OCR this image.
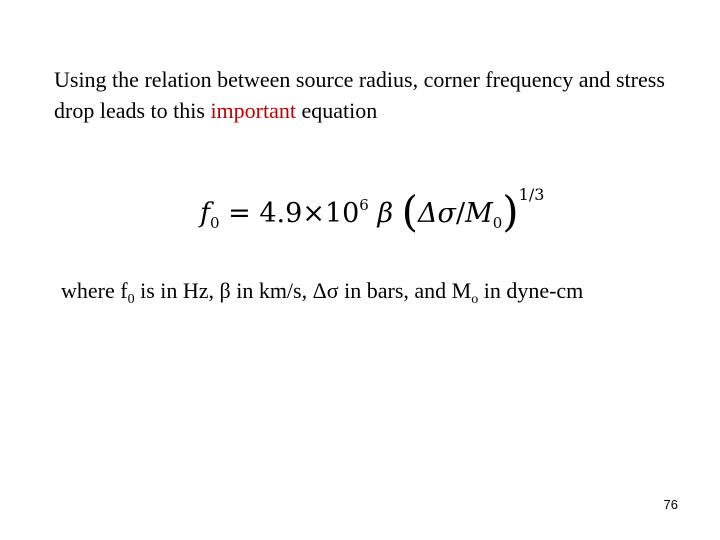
Using the relation between source radius, corner frequency and stress drop leads to this important equation
$f_0 = 4.9\times 10^6$ β $(\Delta\sigma/M_0)^{1/3}$
where $f_0$ is in Hz, β in km/s, Δσ in bars, and $M_o$ in dyne-cm
76
